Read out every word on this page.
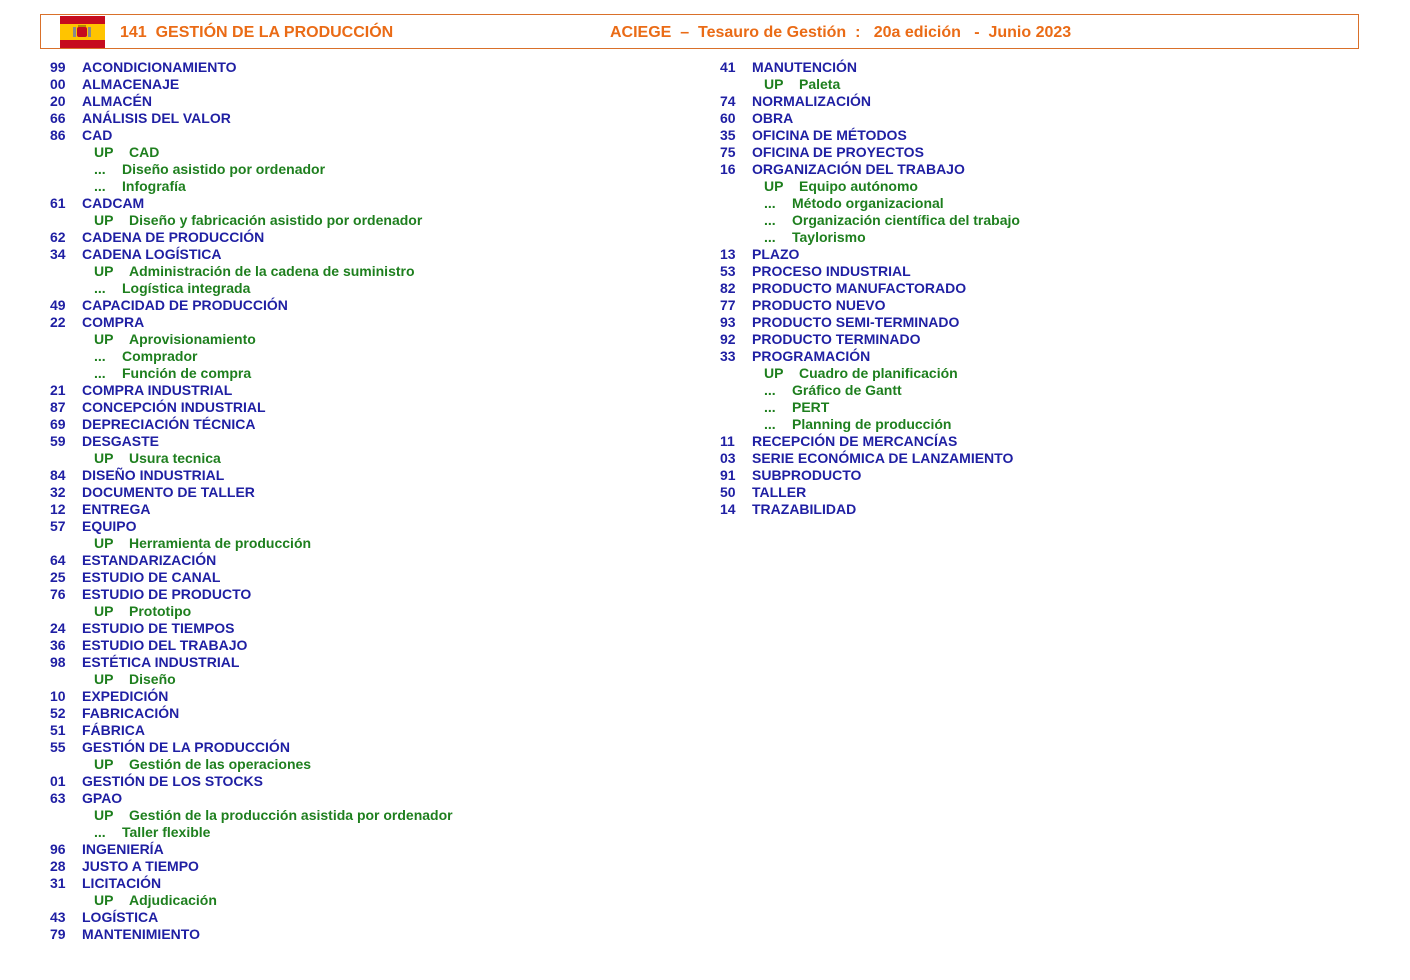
141  GESTIÓN DE LA PRODUCCIÓN	ACIEGE  –  Tesauro de Gestión  :   20a edición   -  Junio 2023
99 ACONDICIONAMIENTO
00 ALMACENAJE
20 ALMACÉN
66 ANÁLISIS DEL VALOR
86 CAD
UP CAD
... Diseño asistido por ordenador
... Infografía
61 CADCAM
UP Diseño y fabricación asistido por ordenador
62 CADENA DE PRODUCCIÓN
34 CADENA LOGÍSTICA
UP Administración de la cadena de suministro
... Logística integrada
49 CAPACIDAD DE PRODUCCIÓN
22 COMPRA
UP Aprovisionamiento
... Comprador
... Función de compra
21 COMPRA INDUSTRIAL
87 CONCEPCIÓN INDUSTRIAL
69 DEPRECIACIÓN TÉCNICA
59 DESGASTE
UP Usura tecnica
84 DISEÑO INDUSTRIAL
32 DOCUMENTO DE TALLER
12 ENTREGA
57 EQUIPO
UP Herramienta de producción
64 ESTANDARIZACIÓN
25 ESTUDIO DE CANAL
76 ESTUDIO DE PRODUCTO
UP Prototipo
24 ESTUDIO DE TIEMPOS
36 ESTUDIO DEL TRABAJO
98 ESTÉTICA INDUSTRIAL
UP Diseño
10 EXPEDICIÓN
52 FABRICACIÓN
51 FÁBRICA
55 GESTIÓN DE LA PRODUCCIÓN
UP Gestión de las operaciones
01 GESTIÓN DE LOS STOCKS
63 GPAO
UP Gestión de la producción asistida por ordenador
... Taller flexible
96 INGENIERÍA
28 JUSTO A TIEMPO
31 LICITACIÓN
UP Adjudicación
43 LOGÍSTICA
79 MANTENIMIENTO
41 MANUTENCIÓN
UP Paleta
74 NORMALIZACIÓN
60 OBRA
35 OFICINA DE MÉTODOS
75 OFICINA DE PROYECTOS
16 ORGANIZACIÓN DEL TRABAJO
UP Equipo autónomo
... Método organizacional
... Organización científica del trabajo
... Taylorismo
13 PLAZO
53 PROCESO INDUSTRIAL
82 PRODUCTO MANUFACTORADO
77 PRODUCTO NUEVO
93 PRODUCTO SEMI-TERMINADO
92 PRODUCTO TERMINADO
33 PROGRAMACIÓN
UP Cuadro de planificación
... Gráfico de Gantt
... PERT
... Planning de producción
11 RECEPCIÓN DE MERCANCÍAS
03 SERIE ECONÓMICA DE LANZAMIENTO
91 SUBPRODUCTO
50 TALLER
14 TRAZABILIDAD
